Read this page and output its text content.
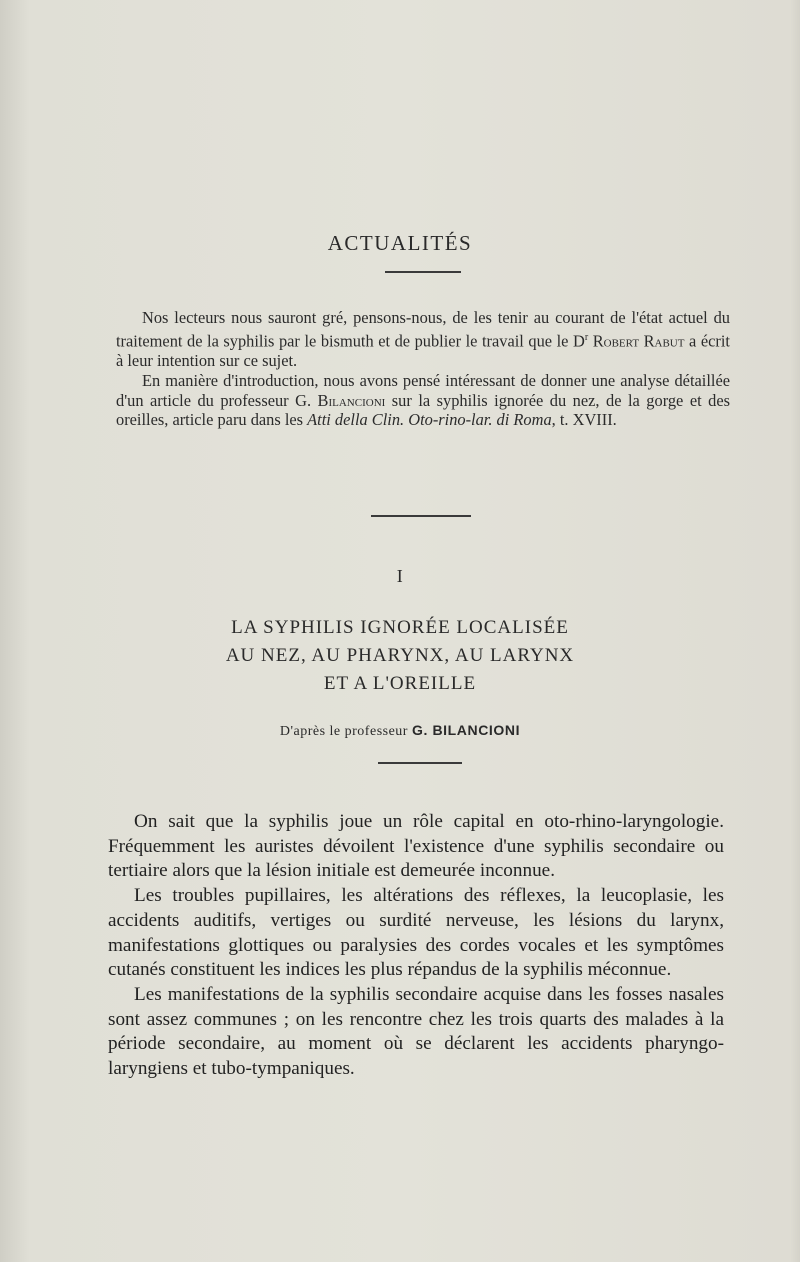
ACTUALITÉS

Nos lecteurs nous sauront gré, pensons-nous, de les tenir au courant de l'état actuel du traitement de la syphilis par le bismuth et de publier le travail que le $D^r$ Robert Rabut a écrit à leur intention sur ce sujet.

En manière d'introduction, nous avons pensé intéressant de donner une analyse détaillée d'un article du professeur G. Bilancioni sur la syphilis ignorée du nez, de la gorge et des oreilles, article paru dans les Atti della Clin. Oto-rino-lar. di Roma, t. XVIII.

I
LA SYPHILIS IGNORÉE LOCALISÉE
AU NEZ, AU PHARYNX, AU LARYNX
ET A L'OREILLE
D'après le professeur G. BILANCIONI

On sait que la syphilis joue un rôle capital en oto-rhino-laryngologie. Fréquemment les auristes dévoilent l'existence d'une syphilis secondaire ou tertiaire alors que la lésion initiale est demeurée inconnue.

Les troubles pupillaires, les altérations des réflexes, la leucoplasie, les accidents auditifs, vertiges ou surdité nerveuse, les lésions du larynx, manifestations glottiques ou paralysies des cordes vocales et les symptômes cutanés constituent les indices les plus répandus de la syphilis méconnue.

Les manifestations de la syphilis secondaire acquise dans les fosses nasales sont assez communes ; on les rencontre chez les trois quarts des malades à la période secondaire, au moment où se déclarent les accidents pharyngo-laryngiens et tubo-tympaniques.
